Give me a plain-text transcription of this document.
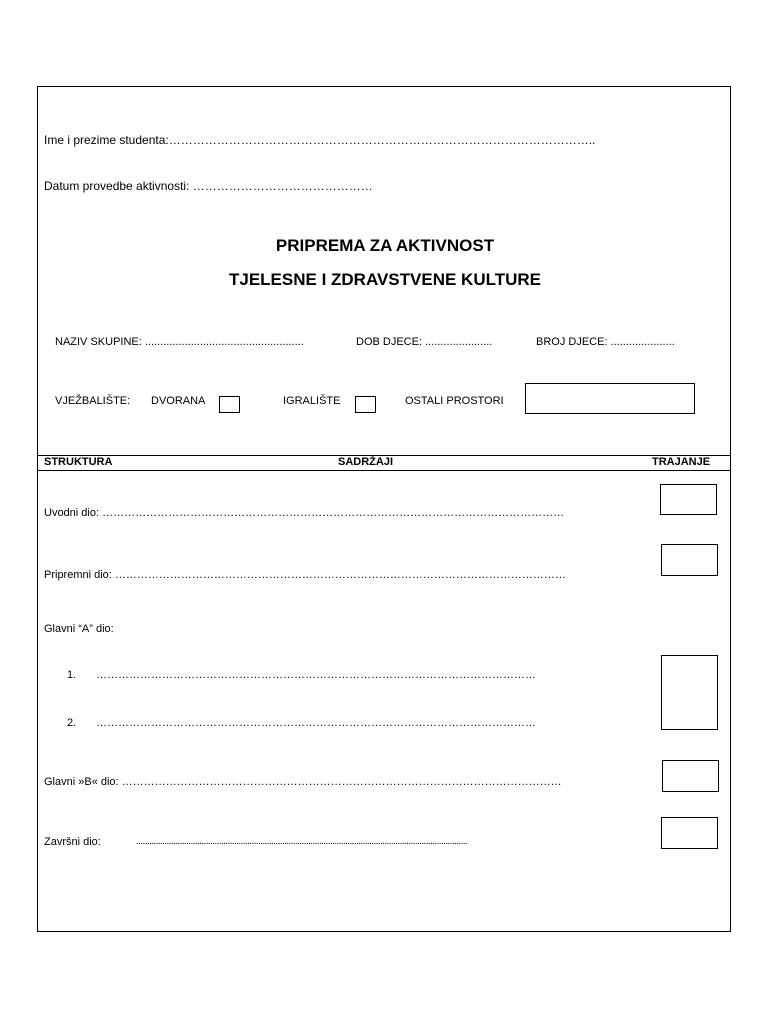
Ime i prezime studenta:……………………………………………………………………………………………..
Datum provedbe aktivnosti: ………………………………………
PRIPREMA ZA AKTIVNOST
TJELESNE I ZDRAVSTVENE KULTURE
NAZIV SKUPINE: ....................................................	DOB DJECE: ......................	BROJ DJECE: .....................
VJEŽBALIŠTE: DVORANA	IGRALIŠTE	OSTALI PROSTORI
STRUKTURA	SADRŽAJI	TRAJANJE
Uvodni dio: ………………………………………………………………………………………………………………
Pripremni dio: ……………………………………………………………………………………………………………
Glavni “A” dio:
1. …………………………………………………………………………………………………………
2. …………………………………………………………………………………………………………
Glavni »B« dio: …………………………………………………………………………………………………………
Završni dio:	........................................................................................................................................................
